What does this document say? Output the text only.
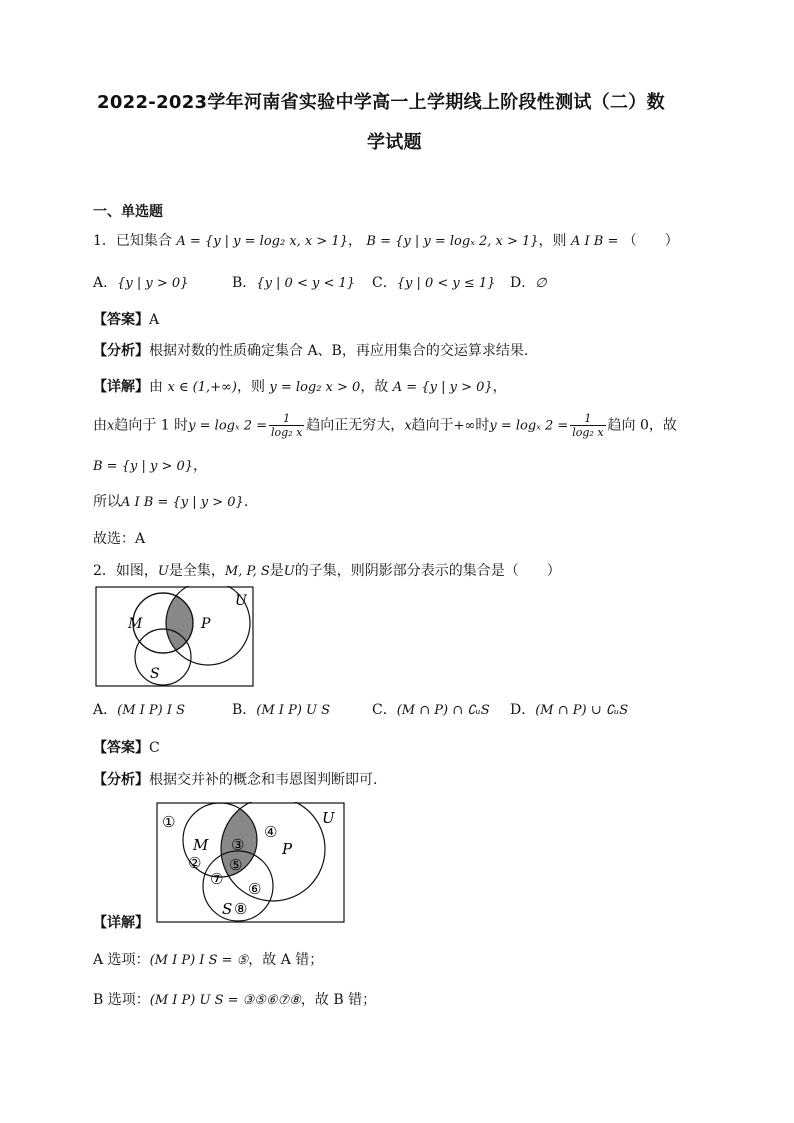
2022-2023学年河南省实验中学高一上学期线上阶段性测试（二）数
学试题
一、单选题
1．已知集合 A = {y | y = log₂ x, x > 1}， B = {y | y = logₓ 2, x > 1}，则 A I B = （　　）
A．{y | y > 0}	B．{y | 0 < y < 1} C．{y | 0 < y ≤ 1} D．∅
【答案】A
【分析】根据对数的性质确定集合 A、B，再应用集合的交运算求结果.
【详解】由 x ∈ (1,+∞)，则 y = log₂ x > 0，故 A = {y | y > 0}，
由x趋向于 1 时y = logₓ $2 = \frac{1}{\text{log₂ x}}$ 趋向正无穷大，x趋向于+∞时y = logₓ $2 = \frac{1}{\text{log₂ x}}$ 趋向 0，故
B = {y | y > 0}，
所以A I B = {y | y > 0}.
故选：A
2．如图，U是全集，M, P, S是U的子集，则阴影部分表示的集合是（　　）
U
M	P
S
A．(M I P) I S	B．(M I P) U S	C．(M ∩ P) ∩ ∁ᵤS D．(M ∩ P) ∪ ∁ᵤS
【答案】C
【分析】根据交并补的概念和韦恩图判断即可.
U
M	P
S
①
②
③
④
⑤
⑥
⑦
⑧
【详解】
A 选项：(M I P) I S = ⑤，故 A 错；
B 选项：(M I P) U S = ③⑤⑥⑦⑧，故 B 错；
